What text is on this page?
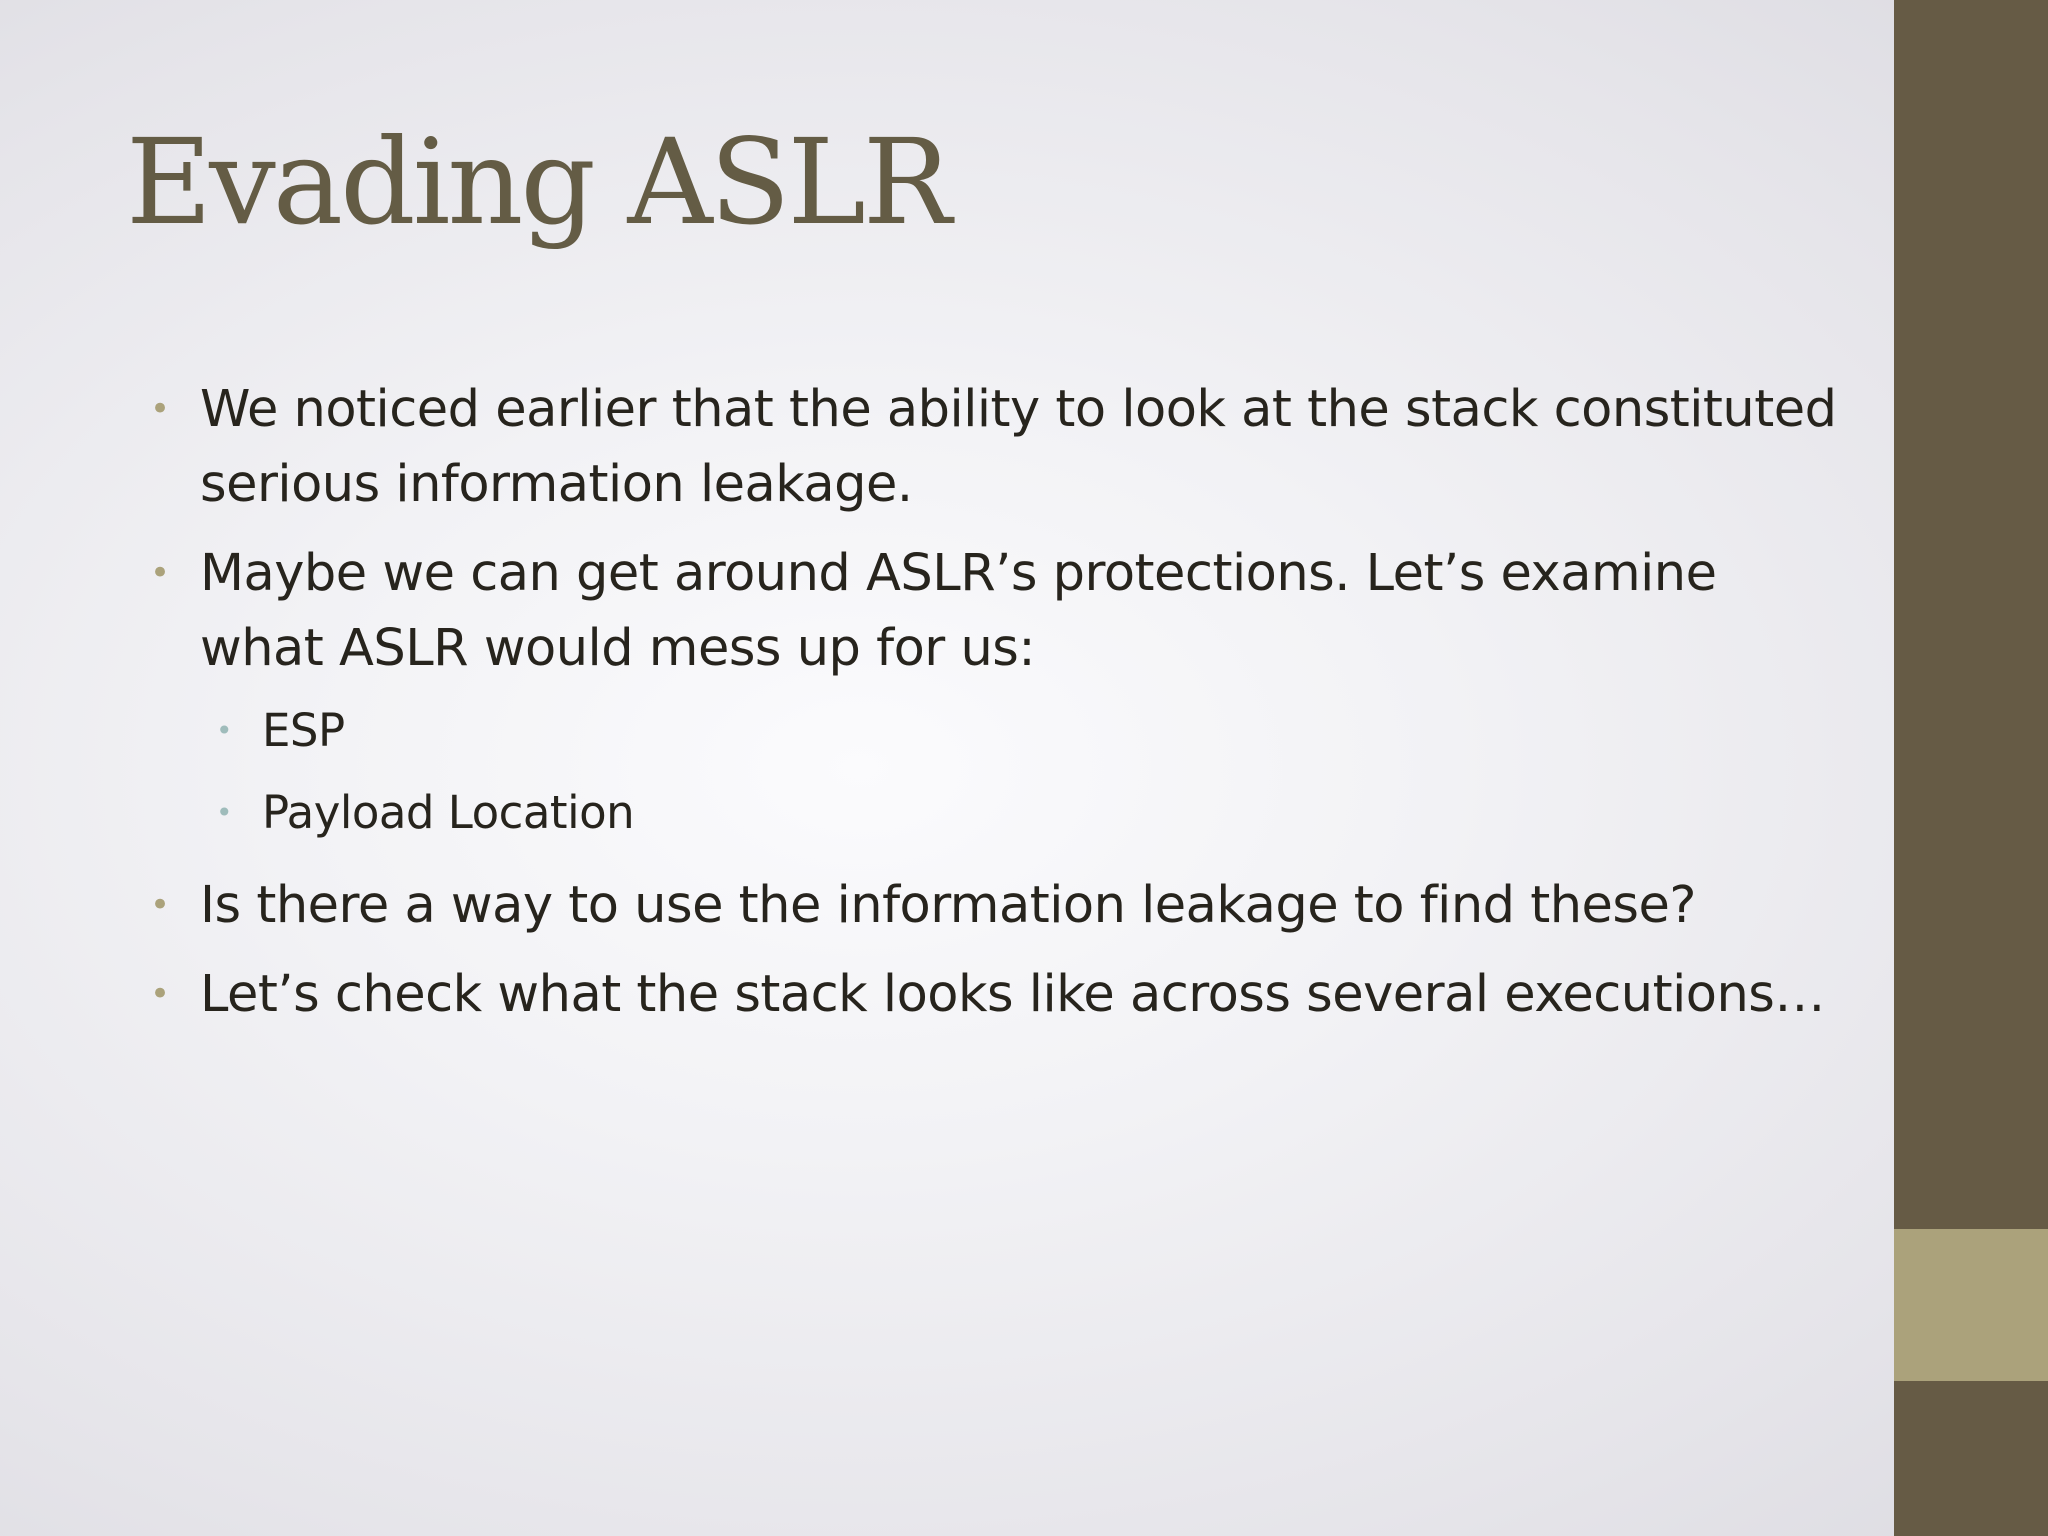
Evading ASLR
• We noticed earlier that the ability to look at the stack constituted serious information leakage.
• Maybe we can get around ASLR’s protections. Let’s examine what ASLR would mess up for us:
• ESP
• Payload Location
• Is there a way to use the information leakage to find these?
• Let’s check what the stack looks like across several executions…
